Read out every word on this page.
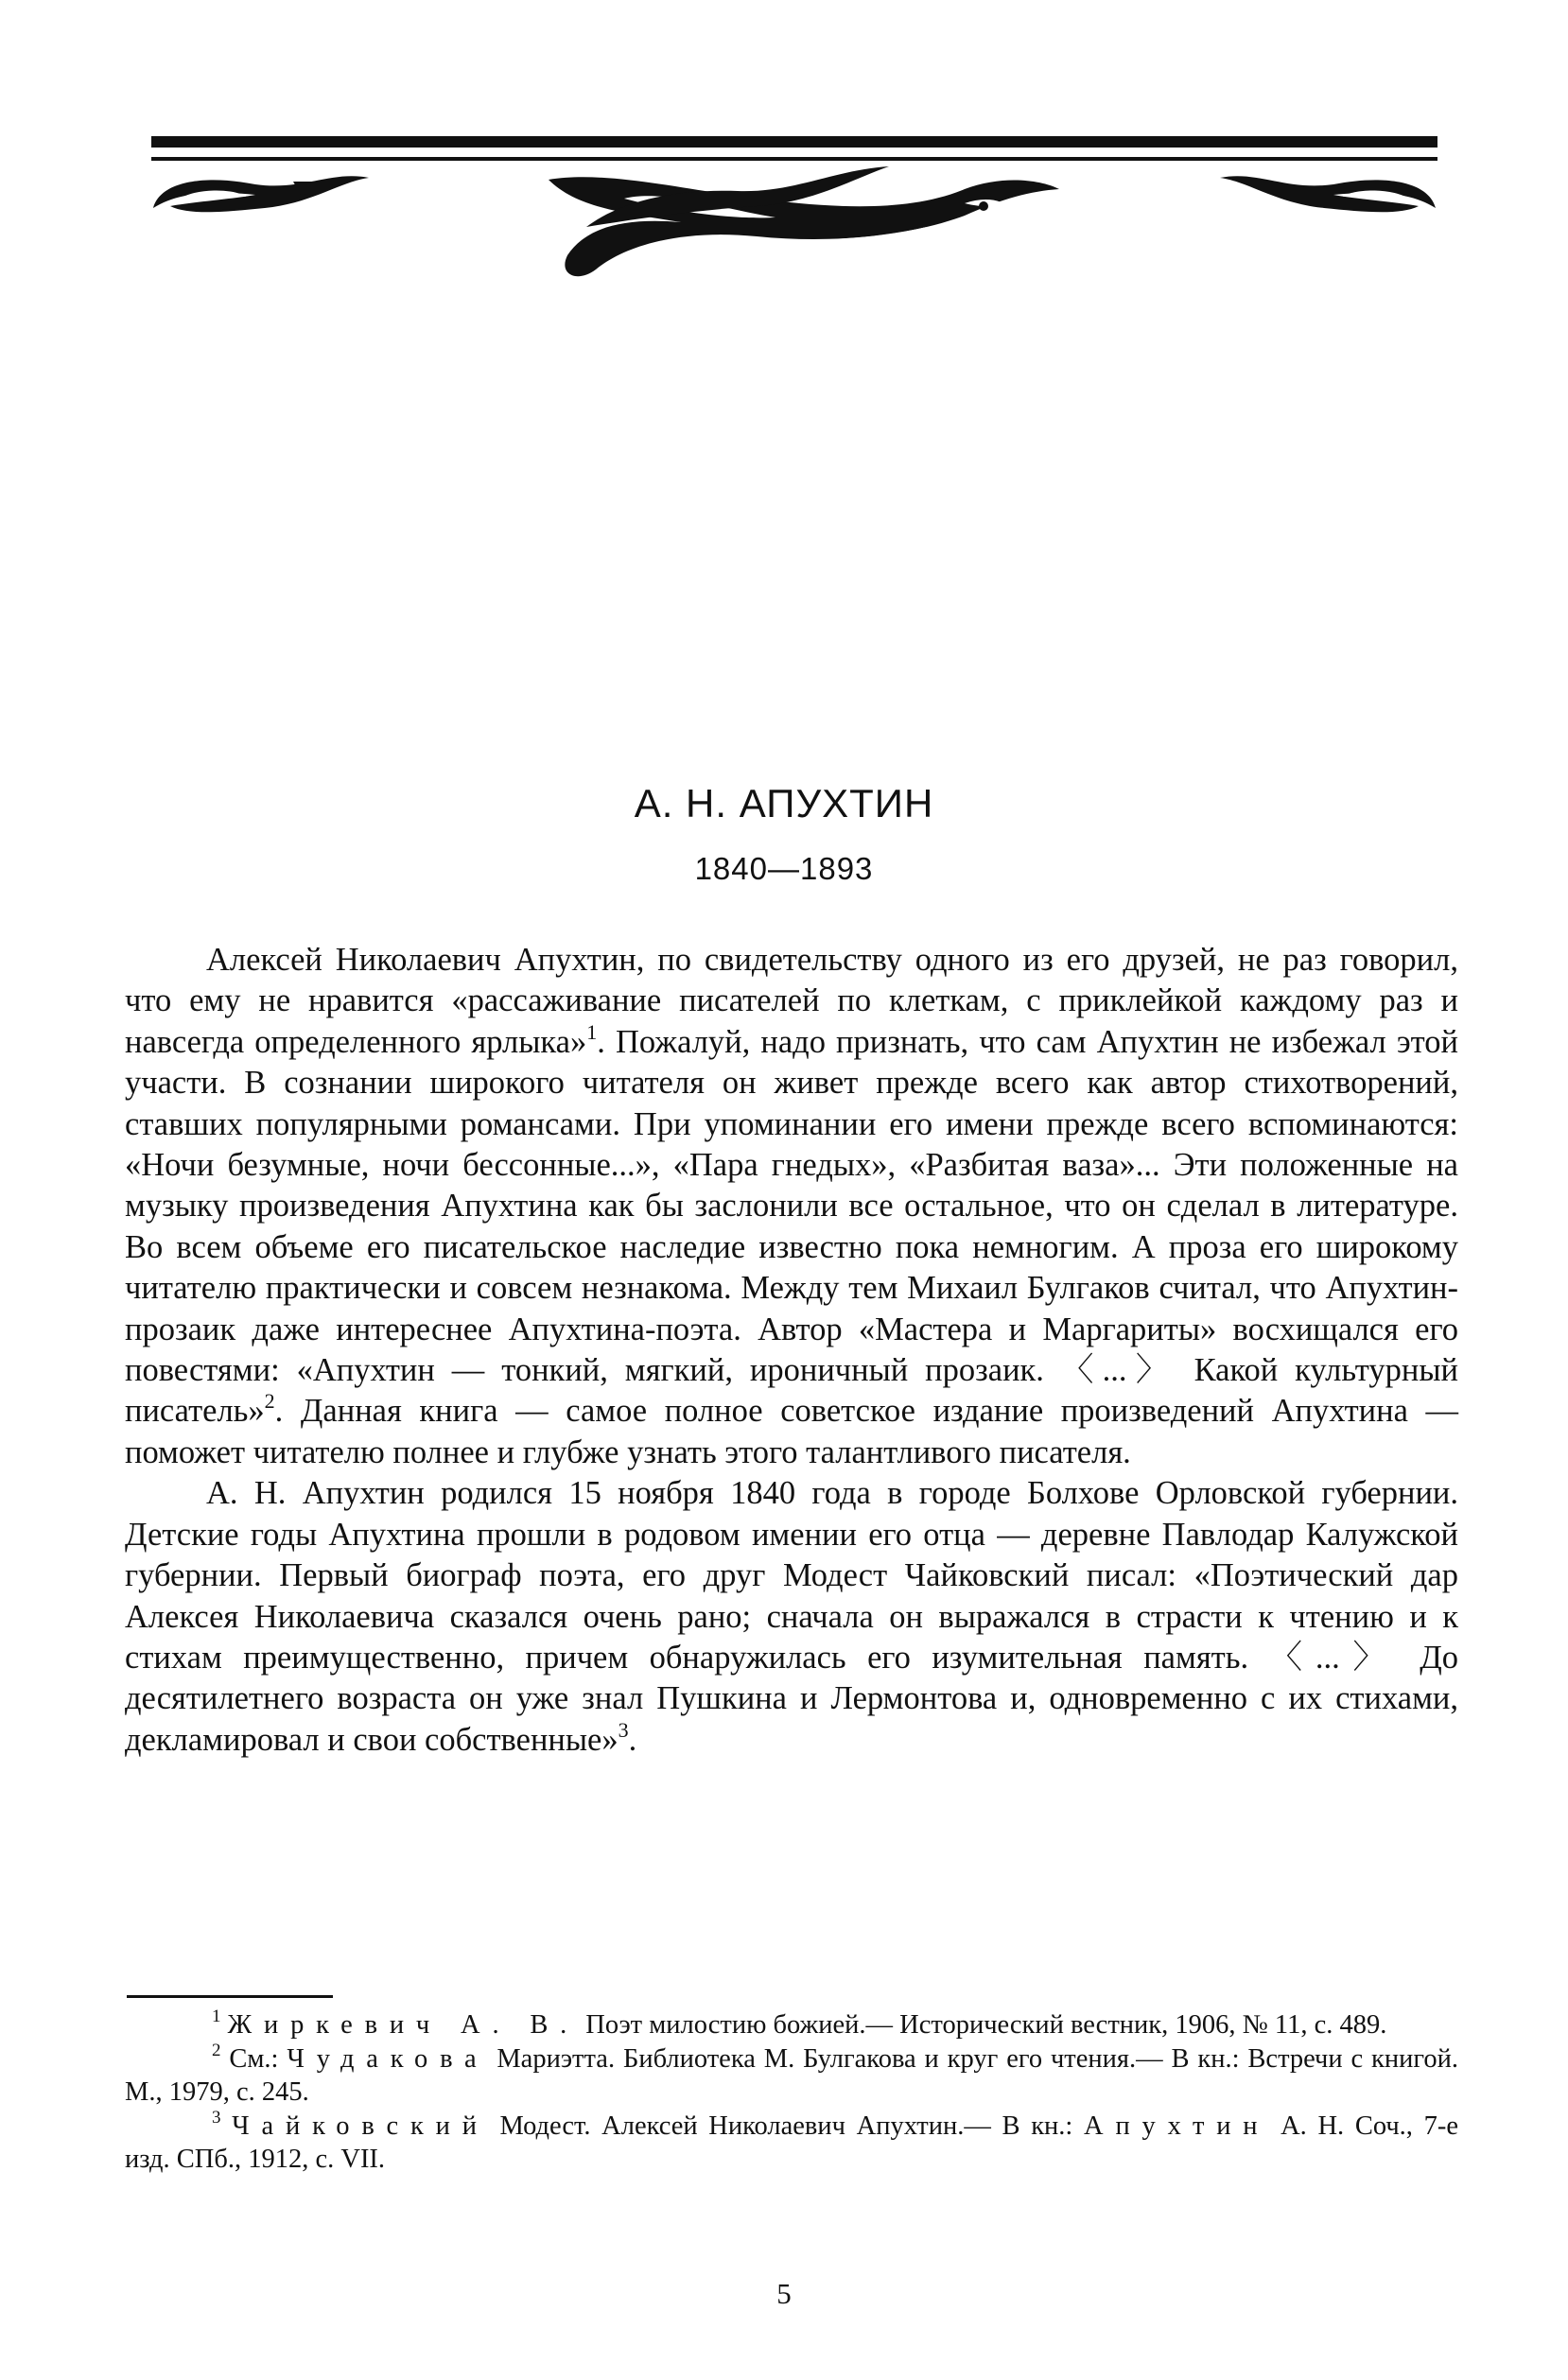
А. Н. АПУХТИН
1840—1893

Алексей Николаевич Апухтин, по свидетельству одного из его друзей, не раз говорил, что ему не нравится «рассаживание писателей по клеткам, с приклейкой каждому раз и навсегда определенного ярлыка»$^1$. Пожалуй, надо признать, что сам Апухтин не избежал этой участи. В сознании широкого читателя он живет прежде всего как автор стихотворений, ставших популярными романсами. При упоминании его имени прежде всего вспоминаются: «Ночи безумные, ночи бессонные...», «Пара гнедых», «Разбитая ваза»... Эти положенные на музыку произведения Апухтина как бы заслонили все остальное, что он сделал в литературе. Во всем объеме его писательское наследие известно пока немногим. А проза его широкому читателю практически и совсем незнакома. Между тем Михаил Булгаков считал, что Апухтин-прозаик даже интереснее Апухтина-поэта. Автор «Мастера и Маргариты» восхищался его повестями: «Апухтин — тонкий, мягкий, ироничный прозаик. 〈...〉 Какой культурный писатель»$^2$. Данная книга — самое полное советское издание произведений Апухтина — поможет читателю полнее и глубже узнать этого талантливого писателя.

А. Н. Апухтин родился 15 ноября 1840 года в городе Болхове Орловской губернии. Детские годы Апухтина прошли в родовом имении его отца — деревне Павлодар Калужской губернии. Первый биограф поэта, его друг Модест Чайковский писал: «Поэтический дар Алексея Николаевича сказался очень рано; сначала он выражался в страсти к чтению и к стихам преимущественно, причем обнаружилась его изумительная память. 〈...〉 До десятилетнего возраста он уже знал Пушкина и Лермонтова и, одновременно с их стихами, декламировал и свои собственные»$^3$.

$^1$ Жиркевич А. В. Поэт милостию божией.— Исторический вестник, 1906, № 11, с. 489.

$^2$ См.: Чудакова Мариэтта. Библиотека М. Булгакова и круг его чтения.— В кн.: Встречи с книгой. М., 1979, с. 245.

$^3$ Чайковский Модест. Алексей Николаевич Апухтин.— В кн.: Апухтин А. Н. Соч., 7-е изд. СПб., 1912, с. VII.

5
